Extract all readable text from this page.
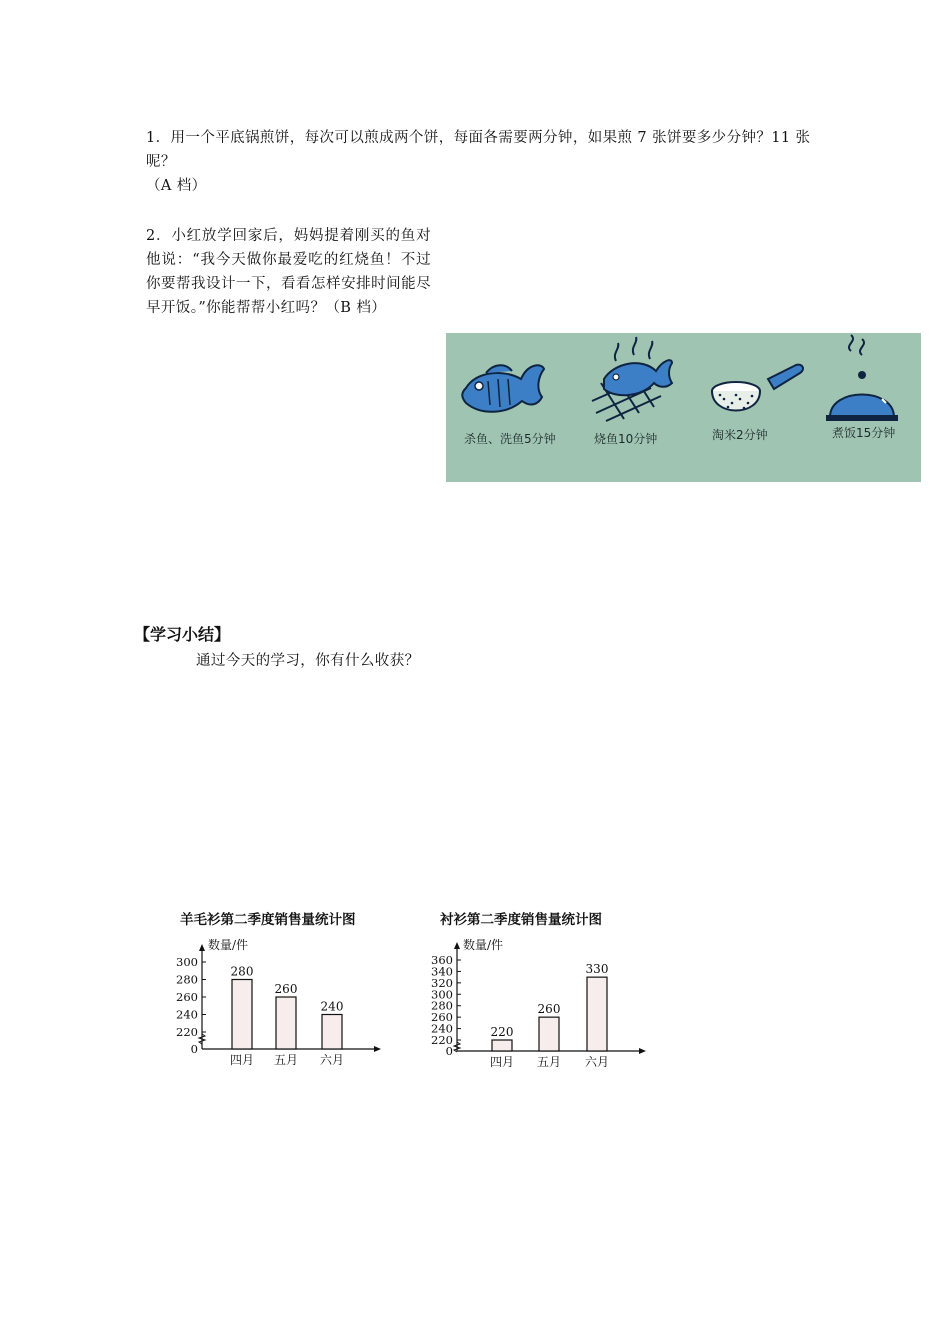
1．用一个平底锅煎饼，每次可以煎成两个饼，每面各需要两分钟，如果煎 7 张饼要多少分钟？11 张呢？
（A 档）
2．小红放学回家后，妈妈提着刚买的鱼对他说：“我今天做你最爱吃的红烧鱼！不过你要帮我设计一下，看看怎样安排时间能尽早开饭。”你能帮帮小红吗？（B 档）
杀鱼、洗鱼5分钟	烧鱼10分钟	淘米2分钟	煮饭15分钟
【学习小结】
通过今天的学习，你有什么收获？
羊毛衫第二季度销售量统计图
数量/件
0
220
240
260
280
300
280
四月
260
五月
240
六月
衬衫第二季度销售量统计图
数量/件
0
220
240
260
280
300
320
340
360
220
四月
260
五月
330
六月
